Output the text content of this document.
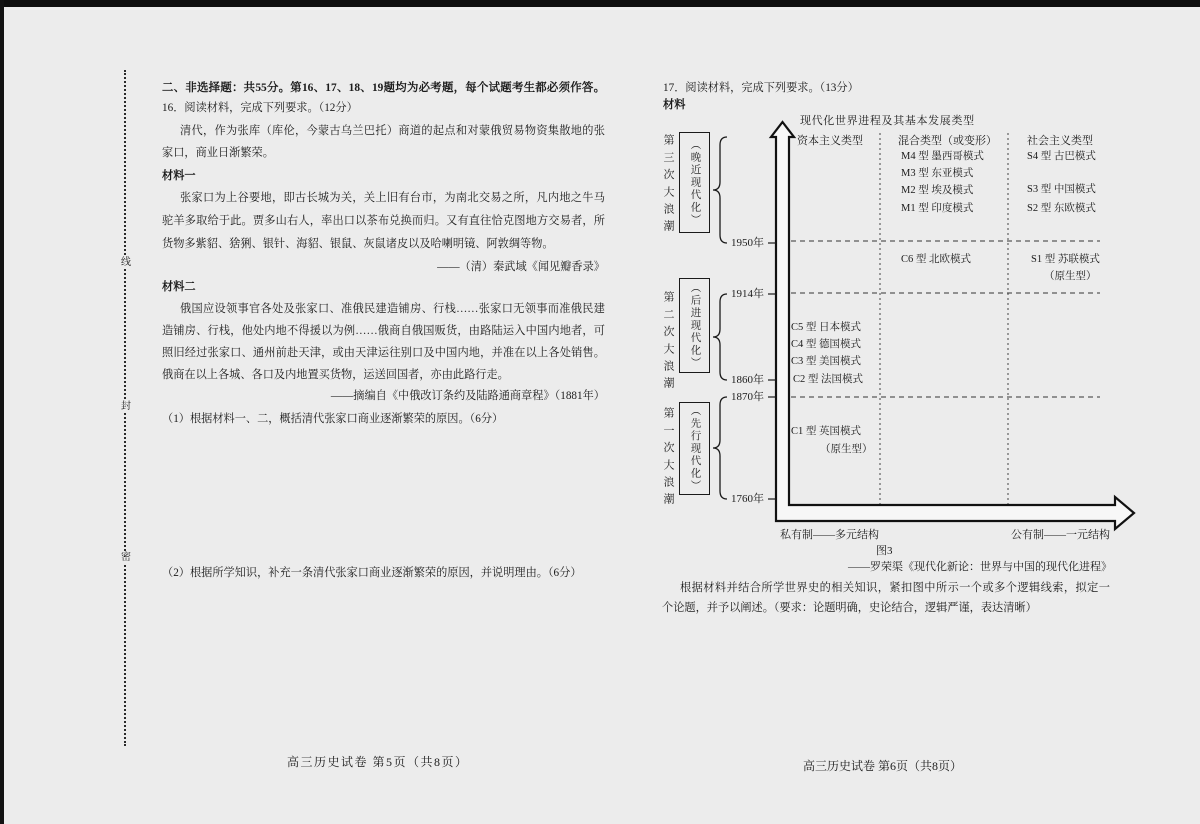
线
封
密
二、非选择题：共55分。第16、17、18、19题均为必考题，每个试题考生都必须作答。
16．阅读材料，完成下列要求。（12分）
清代，作为张库（库伦，今蒙古乌兰巴托）商道的起点和对蒙俄贸易物资集散地的张
家口，商业日渐繁荣。
材料一
张家口为上谷要地，即古长城为关，关上旧有台市，为南北交易之所，凡内地之牛马
驼羊多取给于此。贾多山右人，率出口以茶布兑换而归。又有直往恰克图地方交易者，所
货物多紫貂、猞猁、银针、海貂、银鼠、灰鼠诸皮以及哈喇明镜、阿敦绸等物。
——（清）秦武域《闻见瓣香录》
材料二
俄国应设领事官各处及张家口、准俄民建造铺房、行栈……张家口无领事而准俄民建
造铺房、行栈，他处内地不得援以为例……俄商自俄国贩货，由路陆运入中国内地者，可
照旧经过张家口、通州前赴天津，或由天津运往别口及中国内地，并准在以上各处销售。
俄商在以上各城、各口及内地置买货物，运送回国者，亦由此路行走。
——摘编自《中俄改订条约及陆路通商章程》（1881年）
（1）根据材料一、二，概括清代张家口商业逐渐繁荣的原因。（6分）
（2）根据所学知识，补充一条清代张家口商业逐渐繁荣的原因，并说明理由。（6分）
高三历史试卷 第5页（共8页）
17．阅读材料，完成下列要求。（13分）
材料
现代化世界进程及其基本发展类型
资本主义类型	混合类型（或变形）	社会主义类型
第三次大浪潮 （晚近现代化）
第二次大浪潮 （后进现代化）
第一次大浪潮 （先行现代化）
1950年
1914年
1860年
1870年
1760年
M4 型 墨西哥模式
M3 型 东亚模式
M2 型 埃及模式
M1 型 印度模式
S4 型 古巴模式
S3 型 中国模式
S2 型 东欧模式
C6 型 北欧模式	S1 型 苏联模式
（原生型）
C5 型 日本模式
C4 型 德国模式
C3 型 美国模式
C2 型 法国模式
C1 型 英国模式
（原生型）
私有制——多元结构	公有制——一元结构
图3
——罗荣渠《现代化新论：世界与中国的现代化进程》
根据材料并结合所学世界史的相关知识，紧扣图中所示一个或多个逻辑线索，拟定一
个论题，并予以阐述。（要求：论题明确，史论结合，逻辑严谨，表达清晰）
高三历史试卷 第6页（共8页）
